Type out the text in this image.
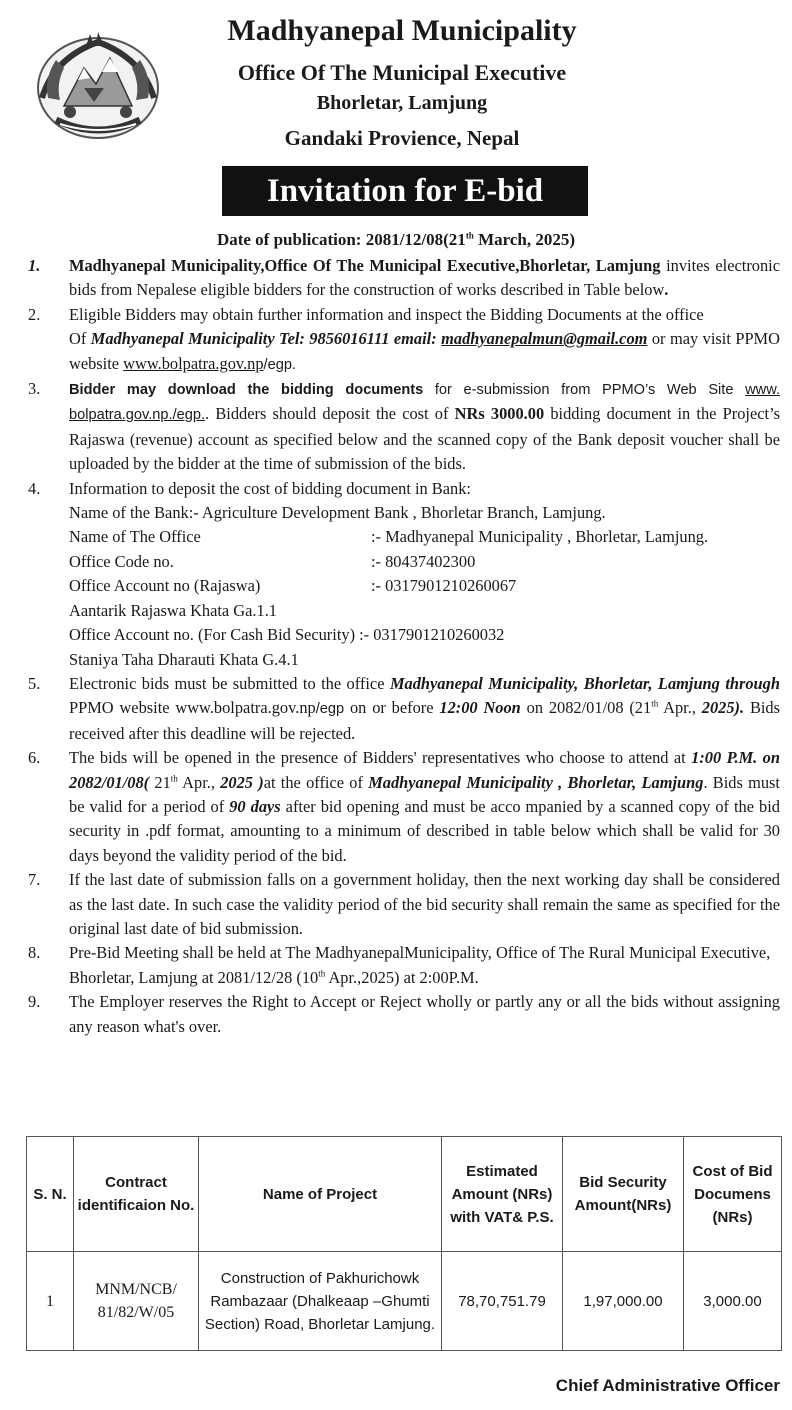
Madhyanepal Municipality
Office Of The Municipal Executive
Bhorletar, Lamjung
Gandaki Provience, Nepal
Invitation for E-bid
Date of publication: 2081/12/08(21th March, 2025)
1.	Madhyanepal Municipality,Office Of The Municipal Executive,Bhorletar, Lamjung invites electronic bids from Nepalese eligible bidders for the construction of works described in Table below.
2.	Eligible Bidders may obtain further information and inspect the Bidding Documents at the office
Of Madhyanepal Municipality Tel: 9856016111 email: madhyanepalmun@gmail.com or may visit PPMO website www.bolpatra.gov.np/egp.
3.	Bidder may download the bidding documents for e-submission from PPMO’s Web Site www. bolpatra.gov.np./egp.. Bidders should deposit the cost of NRs 3000.00 bidding document in the Project’s Rajaswa (revenue) account as specified below and the scanned copy of the Bank deposit voucher shall be uploaded by the bidder at the time of submission of the bids.
4.	Information to deposit the cost of bidding document in Bank:
Name of the Bank:- Agriculture Development Bank , Bhorletar Branch, Lamjung.
Name of The Office	:- Madhyanepal Municipality , Bhorletar, Lamjung.
Office Code no.	:- 80437402300
Office Account no (Rajaswa)	:- 0317901210260067
Aantarik Rajaswa Khata Ga.1.1
Office Account no. (For Cash Bid Security) :- 0317901210260032
Staniya Taha Dharauti Khata G.4.1
5.	Electronic bids must be submitted to the office Madhyanepal Municipality, Bhorletar, Lamjung through PPMO website www.bolpatra.gov.np/egp on or before 12:00 Noon on 2082/01/08 (21th Apr., 2025). Bids received after this deadline will be rejected.
6.	The bids will be opened in the presence of Bidders' representatives who choose to attend at 1:00 P.M. on 2082/01/08( 21th Apr., 2025 )at the office of Madhyanepal Municipality , Bhorletar, Lamjung. Bids must be valid for a period of 90 days after bid opening and must be acco mpanied by a scanned copy of the bid security in .pdf format, amounting to a minimum of described in table below which shall be valid for 30 days beyond the validity period of the bid.
7.	If the last date of submission falls on a government holiday, then the next working day shall be considered as the last date. In such case the validity period of the bid security shall remain the same as specified for the original last date of bid submission.
8.	Pre-Bid Meeting shall be held at The MadhyanepalMunicipality, Office of The Rural Municipal Executive, Bhorletar, Lamjung at 2081/12/28 (10th Apr.,2025) at 2:00P.M.
9.	The Employer reserves the Right to Accept or Reject wholly or partly any or all the bids without assigning any reason what's over.
S. N.	Contract identificaion No.	Name of Project	Estimated Amount (NRs) with VAT& P.S.	Bid Security Amount(NRs)	Cost of Bid Documens (NRs)
1	MNM/NCB/ 81/82/W/05	Construction of Pakhurichowk Rambazaar (Dhalkeaap –Ghumti Section) Road, Bhorletar Lamjung.	78,70,751.79	1,97,000.00	3,000.00
Chief Administrative Officer
